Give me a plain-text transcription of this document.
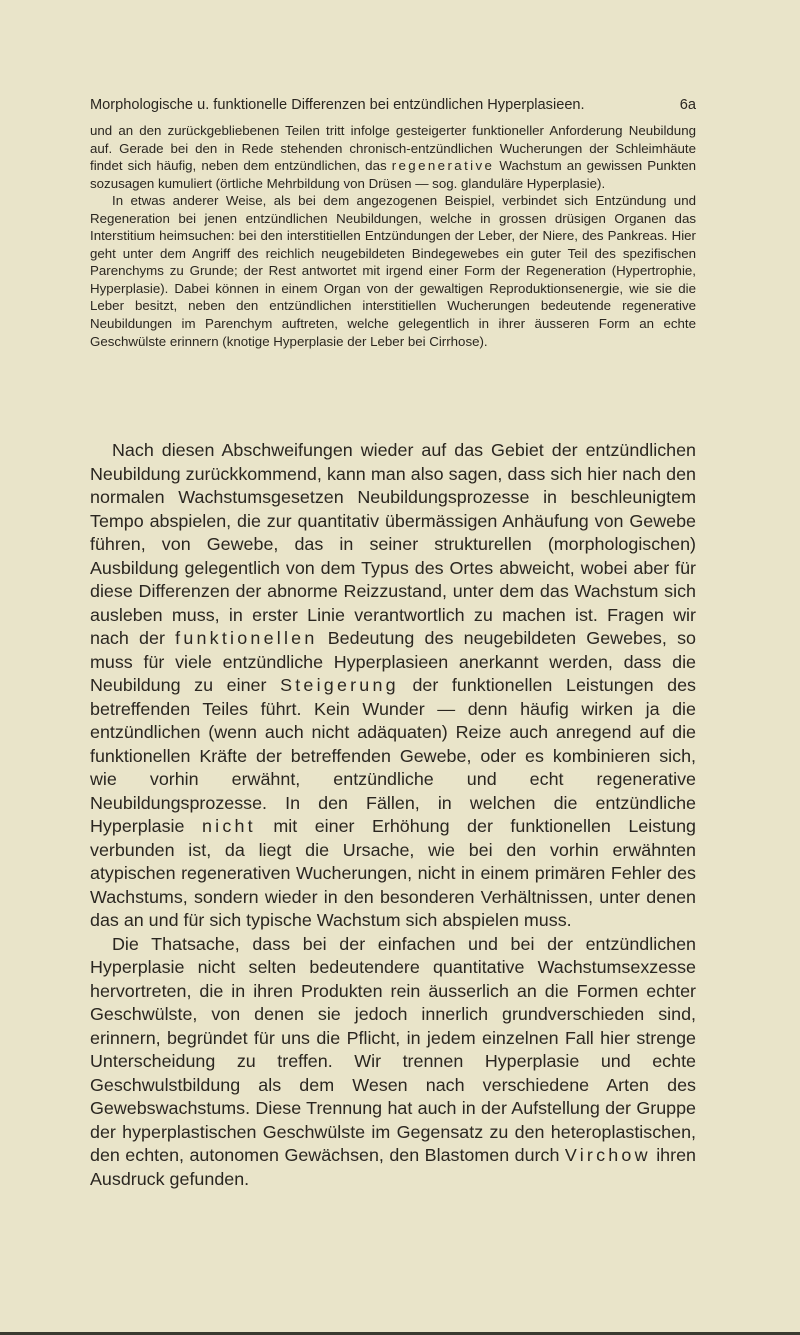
Morphologische u. funktionelle Differenzen bei entzündlichen Hyperplasieen.	6a

und an den zurückgebliebenen Teilen tritt infolge gesteigerter funktioneller Anforderung Neubildung auf. Gerade bei den in Rede stehenden chronisch-entzündlichen Wucherungen der Schleimhäute findet sich häufig, neben dem entzündlichen, das regenerative Wachstum an gewissen Punkten sozusagen kumuliert (örtliche Mehrbildung von Drüsen — sog. glanduläre Hyperplasie).

In etwas anderer Weise, als bei dem angezogenen Beispiel, verbindet sich Entzündung und Regeneration bei jenen entzündlichen Neubildungen, welche in grossen drüsigen Organen das Interstitium heimsuchen: bei den interstitiellen Entzündungen der Leber, der Niere, des Pankreas. Hier geht unter dem Angriff des reichlich neugebildeten Bindegewebes ein guter Teil des spezifischen Parenchyms zu Grunde; der Rest antwortet mit irgend einer Form der Regeneration (Hypertrophie, Hyperplasie). Dabei können in einem Organ von der gewaltigen Reproduktionsenergie, wie sie die Leber besitzt, neben den entzündlichen interstitiellen Wucherungen bedeutende regenerative Neubildungen im Parenchym auftreten, welche gelegentlich in ihrer äusseren Form an echte Geschwülste erinnern (knotige Hyperplasie der Leber bei Cirrhose).

Nach diesen Abschweifungen wieder auf das Gebiet der entzündlichen Neubildung zurückkommend, kann man also sagen, dass sich hier nach den normalen Wachstumsgesetzen Neubildungsprozesse in beschleunigtem Tempo abspielen, die zur quantitativ übermässigen Anhäufung von Gewebe führen, von Gewebe, das in seiner strukturellen (morphologischen) Ausbildung gelegentlich von dem Typus des Ortes abweicht, wobei aber für diese Differenzen der abnorme Reizzustand, unter dem das Wachstum sich ausleben muss, in erster Linie verantwortlich zu machen ist. Fragen wir nach der funktionellen Bedeutung des neugebildeten Gewebes, so muss für viele entzündliche Hyperplasieen anerkannt werden, dass die Neubildung zu einer Steigerung der funktionellen Leistungen des betreffenden Teiles führt. Kein Wunder — denn häufig wirken ja die entzündlichen (wenn auch nicht adäquaten) Reize auch anregend auf die funktionellen Kräfte der betreffenden Gewebe, oder es kombinieren sich, wie vorhin erwähnt, entzündliche und echt regenerative Neubildungsprozesse. In den Fällen, in welchen die entzündliche Hyperplasie nicht mit einer Erhöhung der funktionellen Leistung verbunden ist, da liegt die Ursache, wie bei den vorhin erwähnten atypischen regenerativen Wucherungen, nicht in einem primären Fehler des Wachstums, sondern wieder in den besonderen Verhältnissen, unter denen das an und für sich typische Wachstum sich abspielen muss.

Die Thatsache, dass bei der einfachen und bei der entzündlichen Hyperplasie nicht selten bedeutendere quantitative Wachstumsexzesse hervortreten, die in ihren Produkten rein äusserlich an die Formen echter Geschwülste, von denen sie jedoch innerlich grundverschieden sind, erinnern, begründet für uns die Pflicht, in jedem einzelnen Fall hier strenge Unterscheidung zu treffen. Wir trennen Hyperplasie und echte Geschwulstbildung als dem Wesen nach verschiedene Arten des Gewebswachstums. Diese Trennung hat auch in der Aufstellung der Gruppe der hyperplastischen Geschwülste im Gegensatz zu den heteroplastischen, den echten, autonomen Gewächsen, den Blastomen durch Virchow ihren Ausdruck gefunden.
